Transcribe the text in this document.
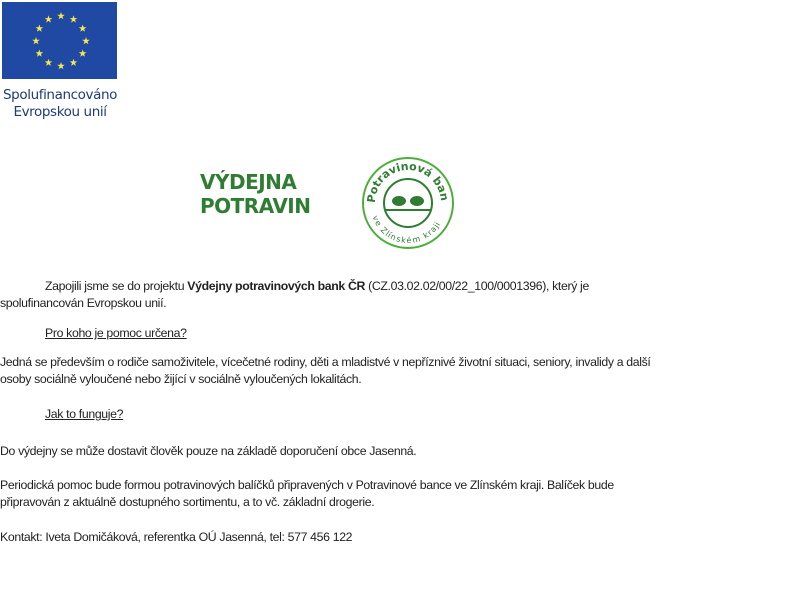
Spolufinancováno
Evropskou unií
VÝDEJNA
POTRAVIN	Potravinová ban
ve Zlínském kraji
Zapojili jsme se do projektu Výdejny potravinových bank ČR (CZ.03.02.02/00/22_100/0001396), který je spolufinancován Evropskou unií.
Pro koho je pomoc určena?
Jedná se především o rodiče samoživitele, vícečetné rodiny, děti a mladistvé v nepříznivé životní situaci, seniory, invalidy a další osoby sociálně vyloučené nebo žijící v sociálně vyloučených lokalitách.
Jak to funguje?
Do výdejny se může dostavit člověk pouze na základě doporučení obce Jasenná.
Periodická pomoc bude formou potravinových balíčků připravených v Potravinové bance ve Zlínském kraji. Balíček bude připravován z aktuálně dostupného sortimentu, a to vč. základní drogerie.
Kontakt: Iveta Domičáková, referentka OÚ Jasenná, tel: 577 456 122
